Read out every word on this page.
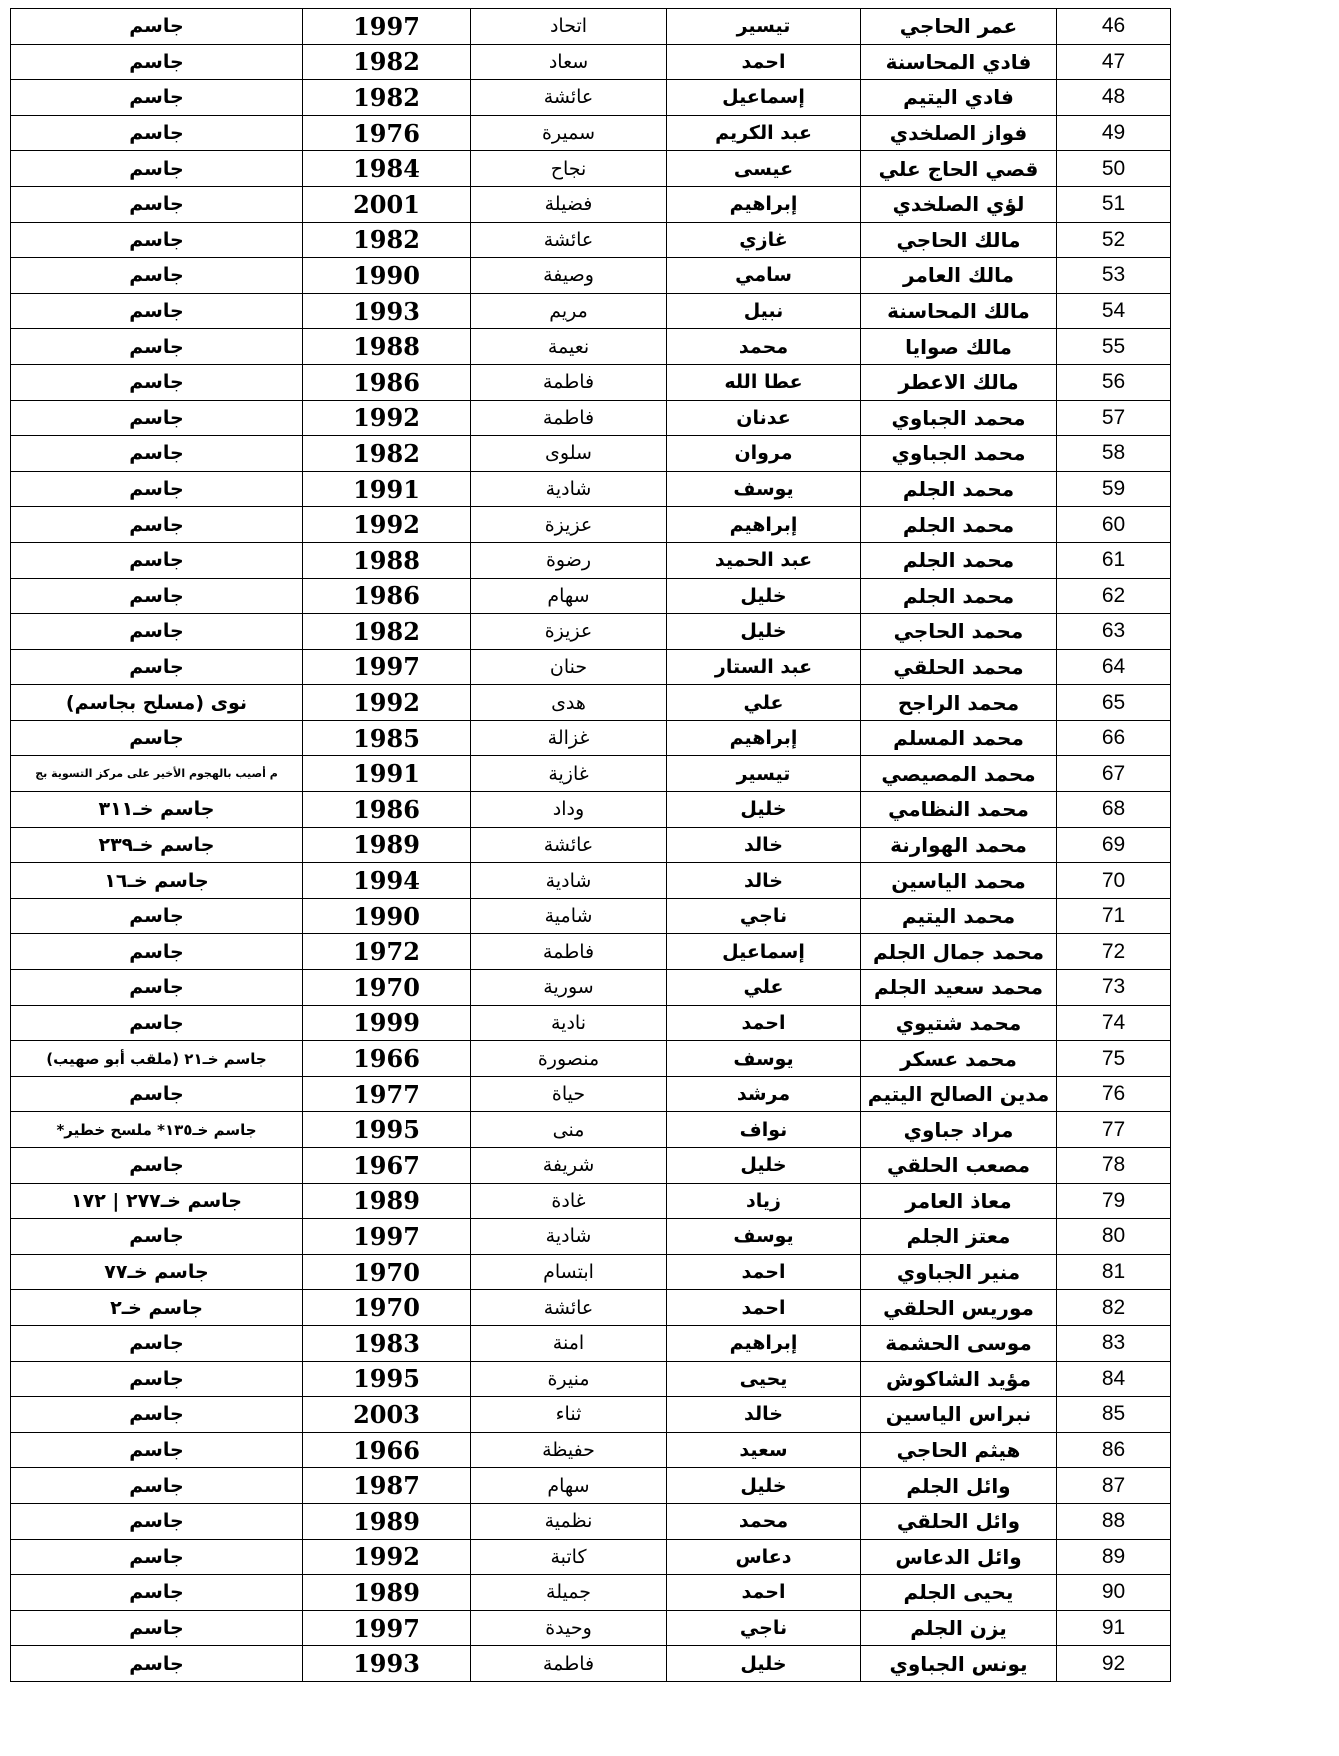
46	عمر الحاجي	تيسير	اتحاد	1997	جاسم
47	فادي المحاسنة	احمد	سعاد	1982	جاسم
48	فادي اليتيم	إسماعيل	عائشة	1982	جاسم
49	فواز الصلخدي	عبد الكريم	سميرة	1976	جاسم
50	قصي الحاج علي	عيسى	نجاح	1984	جاسم
51	لؤي الصلخدي	إبراهيم	فضيلة	2001	جاسم
52	مالك الحاجي	غازي	عائشة	1982	جاسم
53	مالك العامر	سامي	وصيفة	1990	جاسم
54	مالك المحاسنة	نبيل	مريم	1993	جاسم
55	مالك صوايا	محمد	نعيمة	1988	جاسم
56	مالك الاعطر	عطا الله	فاطمة	1986	جاسم
57	محمد الجباوي	عدنان	فاطمة	1992	جاسم
58	محمد الجباوي	مروان	سلوى	1982	جاسم
59	محمد الجلم	يوسف	شادية	1991	جاسم
60	محمد الجلم	إبراهيم	عزيزة	1992	جاسم
61	محمد الجلم	عبد الحميد	رضوة	1988	جاسم
62	محمد الجلم	خليل	سهام	1986	جاسم
63	محمد الحاجي	خليل	عزيزة	1982	جاسم
64	محمد الحلقي	عبد الستار	حنان	1997	جاسم
65	محمد الراجح	علي	هدى	1992	نوى (مسلح بجاسم)
66	محمد المسلم	إبراهيم	غزالة	1985	جاسم
67	محمد المصيصي	تيسير	غازية	1991	م أصيب بالهجوم الأخير على مركز التسوية بج
68	محمد النظامي	خليل	وداد	1986	جاسم خـ٣١١
69	محمد الهوارنة	خالد	عائشة	1989	جاسم خـ٢٣٩
70	محمد الياسين	خالد	شادية	1994	جاسم خـ١٦
71	محمد اليتيم	ناجي	شامية	1990	جاسم
72	محمد جمال الجلم	إسماعيل	فاطمة	1972	جاسم
73	محمد سعيد الجلم	علي	سورية	1970	جاسم
74	محمد شتيوي	احمد	نادية	1999	جاسم
75	محمد عسكر	يوسف	منصورة	1966	جاسم خـ٢١ (ملقب أبو صهيب)
76	مدين الصالح اليتيم	مرشد	حياة	1977	جاسم
77	مراد جباوي	نواف	منى	1995	جاسم خـ١٣٥* ملسح خطير*
78	مصعب الحلقي	خليل	شريفة	1967	جاسم
79	معاذ العامر	زياد	غادة	1989	جاسم خـ٢٧٧ | ١٧٢
80	معتز الجلم	يوسف	شادية	1997	جاسم
81	منير الجباوي	احمد	ابتسام	1970	جاسم خـ٧٧
82	موريس الحلقي	احمد	عائشة	1970	جاسم خـ٢
83	موسى الحشمة	إبراهيم	امنة	1983	جاسم
84	مؤيد الشاكوش	يحيى	منيرة	1995	جاسم
85	نبراس الياسين	خالد	ثناء	2003	جاسم
86	هيثم الحاجي	سعيد	حفيظة	1966	جاسم
87	وائل الجلم	خليل	سهام	1987	جاسم
88	وائل الحلقي	محمد	نظمية	1989	جاسم
89	وائل الدعاس	دعاس	كاتبة	1992	جاسم
90	يحيى الجلم	احمد	جميلة	1989	جاسم
91	يزن الجلم	ناجي	وحيدة	1997	جاسم
92	يونس الجباوي	خليل	فاطمة	1993	جاسم
